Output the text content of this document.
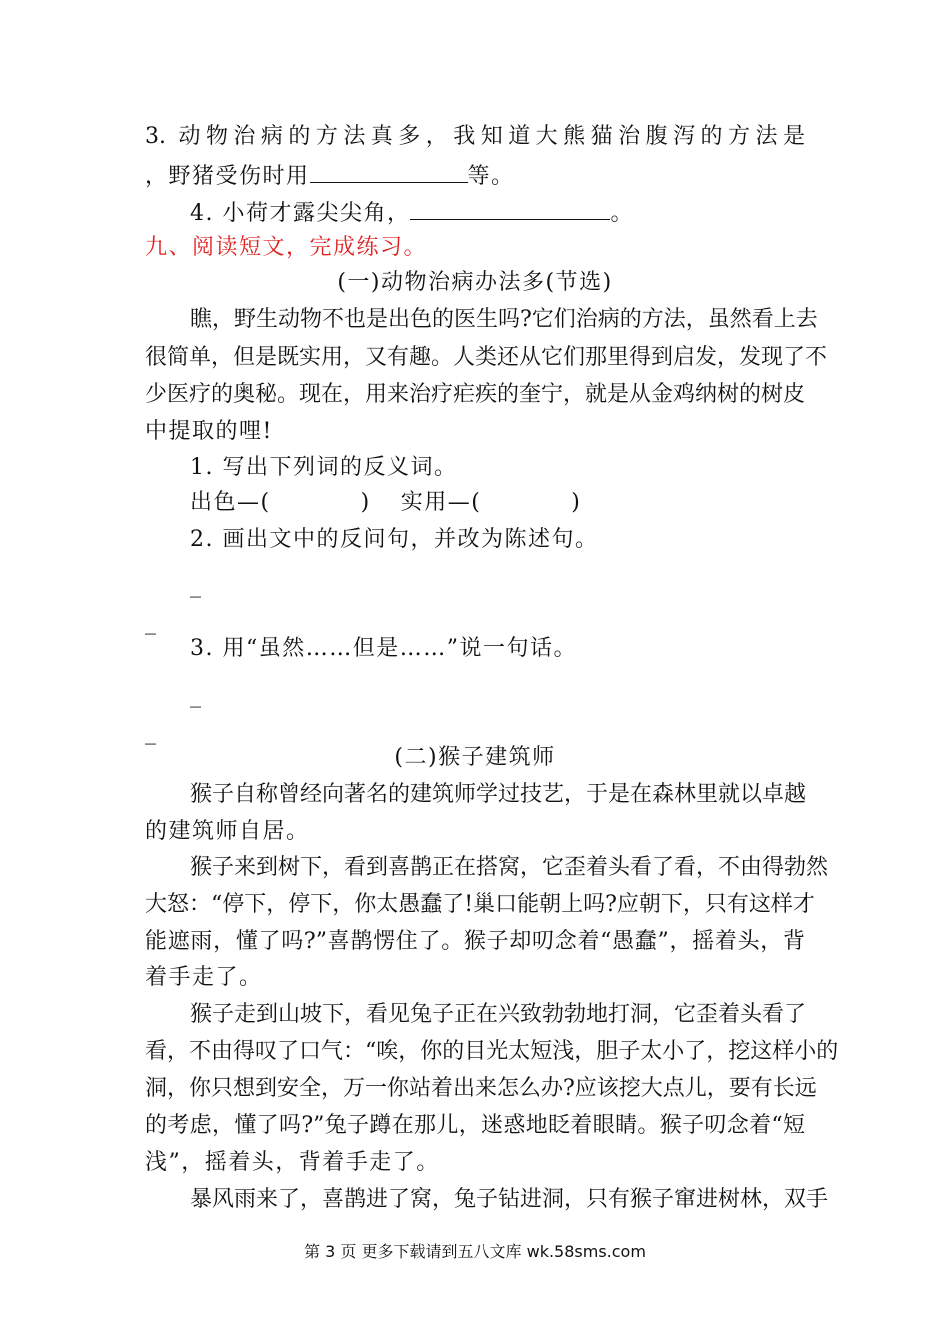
3. 动物治病的方法真多，我知道大熊猫治腹泻的方法是
，野猪受伤时用	等。
4. 小荷才露尖尖角，	。
九、阅读短文，完成练习。
(一)动物治病办法多(节选)
瞧，野生动物不也是出色的医生吗?它们治病的方法，虽然看上去
很简单，但是既实用，又有趣。人类还从它们那里得到启发，发现了不
少医疗的奥秘。现在，用来治疗疟疾的奎宁，就是从金鸡纳树的树皮
中提取的哩!
1. 写出下列词的反义词。
出色—(	) 实用—(	)
2. 画出文中的反问句，并改为陈述句。
_
_
3. 用“虽然……但是……”说一句话。
_
_
(二)猴子建筑师
猴子自称曾经向著名的建筑师学过技艺，于是在森林里就以卓越
的建筑师自居。
猴子来到树下，看到喜鹊正在搭窝，它歪着头看了看，不由得勃然
大怒：“停下，停下，你太愚蠢了!巢口能朝上吗?应朝下，只有这样才
能遮雨，懂了吗?”喜鹊愣住了。猴子却叨念着“愚蠢”，摇着头，背
着手走了。
猴子走到山坡下，看见兔子正在兴致勃勃地打洞，它歪着头看了
看，不由得叹了口气：“唉，你的目光太短浅，胆子太小了，挖这样小的
洞，你只想到安全，万一你站着出来怎么办?应该挖大点儿，要有长远
的考虑，懂了吗?”兔子蹲在那儿，迷惑地眨着眼睛。猴子叨念着“短
浅”，摇着头，背着手走了。
暴风雨来了，喜鹊进了窝，兔子钻进洞，只有猴子窜进树林，双手
第 3 页 更多下载请到五八文库 wk.58sms.com
